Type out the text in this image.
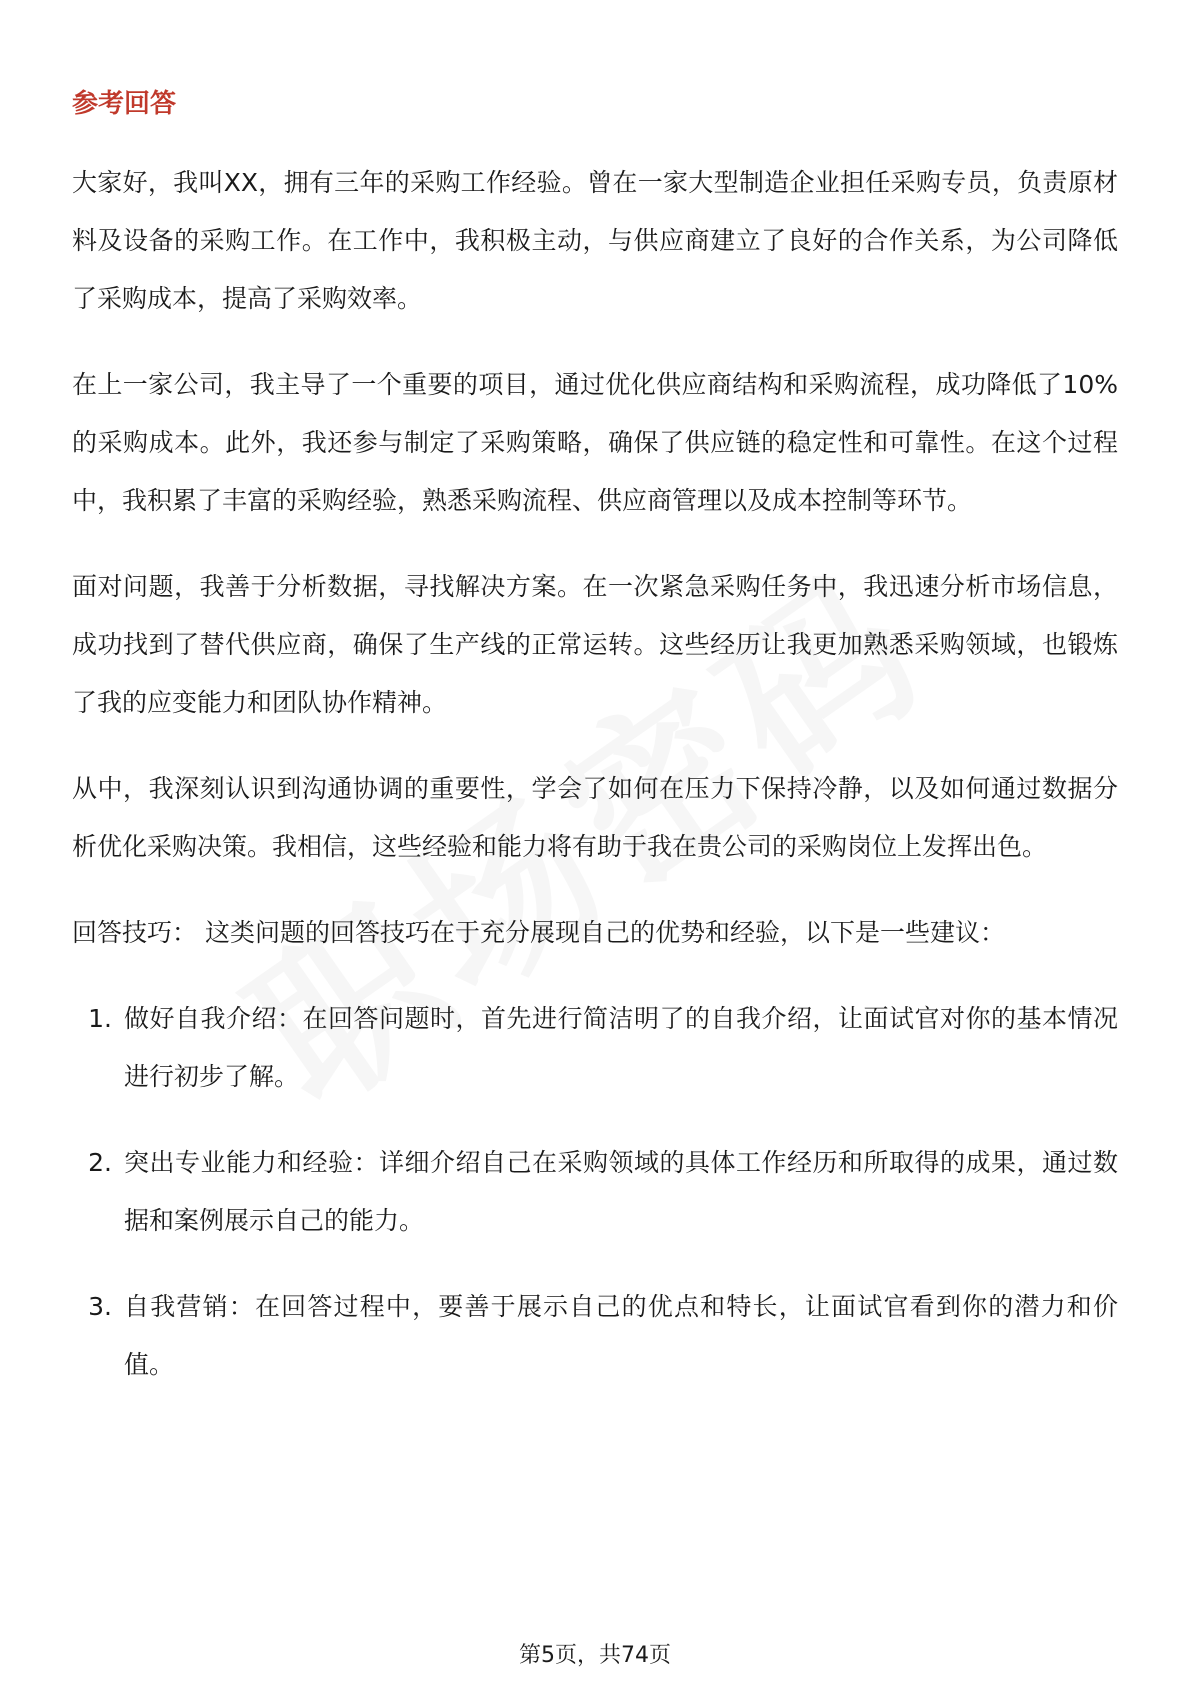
参考回答

大家好，我叫XX，拥有三年的采购工作经验。曾在一家大型制造企业担任采购专员，负责原材料及设备的采购工作。在工作中，我积极主动，与供应商建立了良好的合作关系，为公司降低了采购成本，提高了采购效率。

在上一家公司，我主导了一个重要的项目，通过优化供应商结构和采购流程，成功降低了10%的采购成本。此外，我还参与制定了采购策略，确保了供应链的稳定性和可靠性。在这个过程中，我积累了丰富的采购经验，熟悉采购流程、供应商管理以及成本控制等环节。

面对问题，我善于分析数据，寻找解决方案。在一次紧急采购任务中，我迅速分析市场信息，成功找到了替代供应商，确保了生产线的正常运转。这些经历让我更加熟悉采购领域，也锻炼了我的应变能力和团队协作精神。

从中，我深刻认识到沟通协调的重要性，学会了如何在压力下保持冷静，以及如何通过数据分析优化采购决策。我相信，这些经验和能力将有助于我在贵公司的采购岗位上发挥出色。

回答技巧： 这类问题的回答技巧在于充分展现自己的优势和经验，以下是一些建议：

1. 做好自我介绍：在回答问题时，首先进行简洁明了的自我介绍，让面试官对你的基本情况进行初步了解。
2. 突出专业能力和经验：详细介绍自己在采购领域的具体工作经历和所取得的成果，通过数据和案例展示自己的能力。
3. 自我营销：在回答过程中，要善于展示自己的优点和特长，让面试官看到你的潜力和价值。
第5页，共74页
